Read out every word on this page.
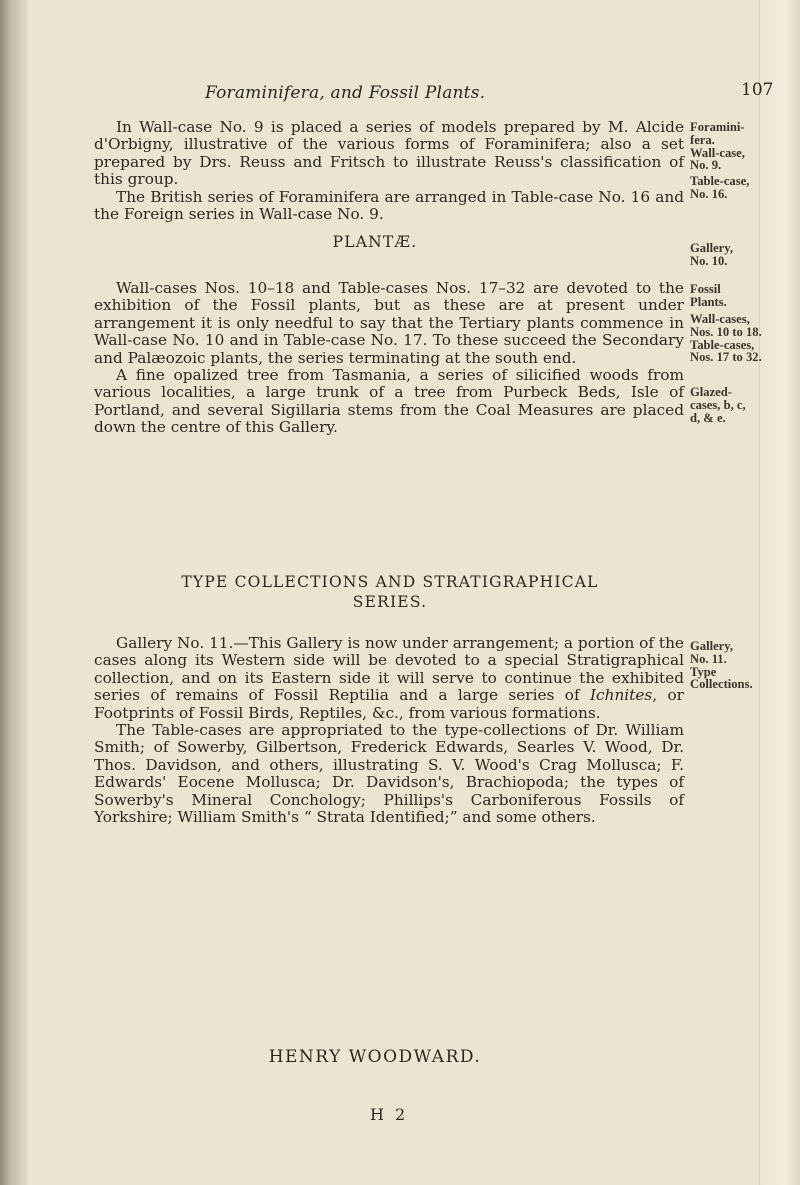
Foraminifera, and Fossil Plants.	107

In Wall-case No. 9 is placed a series of models prepared by M. Alcide d'Orbigny, illustrative of the various forms of Foraminifera; also a set prepared by Drs. Reuss and Fritsch to illustrate Reuss's classification of this group.

The British series of Foraminifera are arranged in Table-case No. 16 and the Foreign series in Wall-case No. 9.

Foramini-
fera.
Wall-case,
No. 9.
Table-case,
No. 16.
PLANTÆ.	Gallery,
No. 10.

Wall-cases Nos. 10–18 and Table-cases Nos. 17–32 are devoted to the exhibition of the Fossil plants, but as these are at present under arrangement it is only needful to say that the Tertiary plants commence in Wall-case No. 10 and in Table-case No. 17. To these succeed the Secondary and Palæozoic plants, the series terminating at the south end.

A fine opalized tree from Tasmania, a series of silicified woods from various localities, a large trunk of a tree from Purbeck Beds, Isle of Portland, and several Sigillaria stems from the Coal Measures are placed down the centre of this Gallery.

Fossil
Plants.
Wall-cases,
Nos. 10 to 18.
Table-cases,
Nos. 17 to 32.
Glazed-
cases, b, c,
d, & e.
TYPE COLLECTIONS AND STRATIGRAPHICAL
SERIES.

Gallery No. 11.—This Gallery is now under arrangement; a portion of the cases along its Western side will be devoted to a special Stratigraphical collection, and on its Eastern side it will serve to continue the exhibited series of remains of Fossil Reptilia and a large series of Ichnites, or Footprints of Fossil Birds, Reptiles, &c., from various formations.

The Table-cases are appropriated to the type-collections of Dr. William Smith; of Sowerby, Gilbertson, Frederick Edwards, Searles V. Wood, Dr. Thos. Davidson, and others, illustrating S. V. Wood's Crag Mollusca; F. Edwards' Eocene Mollusca; Dr. Davidson's, Brachiopoda; the types of Sowerby's Mineral Conchology; Phillips's Carboniferous Fossils of Yorkshire; William Smith's “ Strata Identified;” and some others.

Gallery,
No. 11.
Type
Collections.
HENRY WOODWARD.
H 2
